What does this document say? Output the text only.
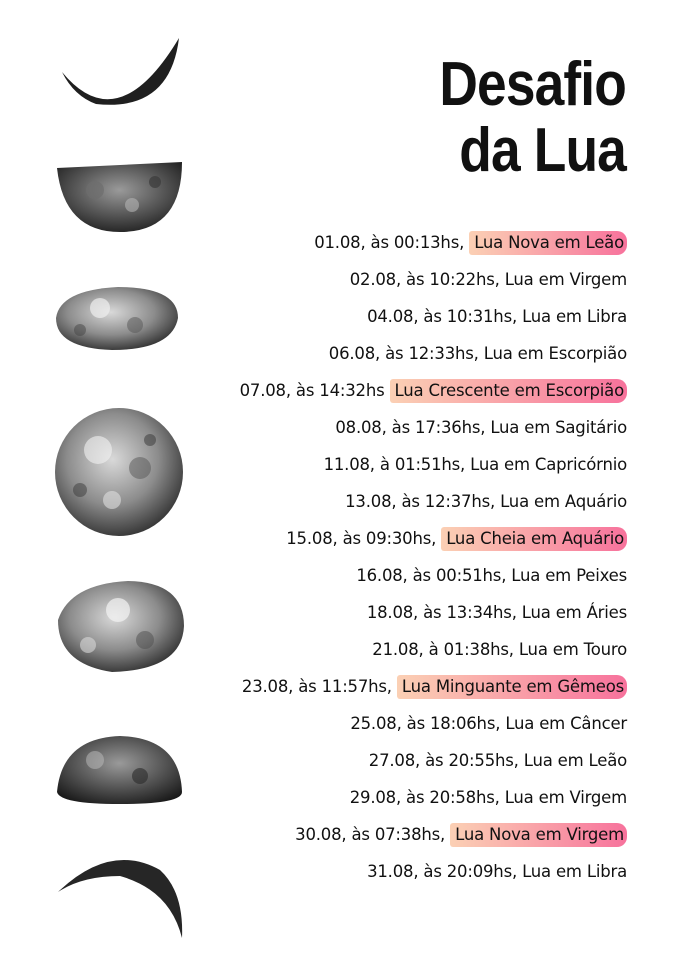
Desafio
da Lua
01.08, às 00:13hs, Lua Nova em Leão
02.08, às 10:22hs, Lua em Virgem
04.08, às 10:31hs, Lua em Libra
06.08, às 12:33hs, Lua em Escorpião
07.08, às 14:32hs Lua Crescente em Escorpião
08.08, às 17:36hs, Lua em Sagitário
11.08, à 01:51hs, Lua em Capricórnio
13.08, às 12:37hs, Lua em Aquário
15.08, às 09:30hs, Lua Cheia em Aquário
16.08, às 00:51hs, Lua em Peixes
18.08, às 13:34hs, Lua em Áries
21.08, à 01:38hs, Lua em Touro
23.08, às 11:57hs, Lua Minguante em Gêmeos
25.08, às 18:06hs, Lua em Câncer
27.08, às 20:55hs, Lua em Leão
29.08, às 20:58hs, Lua em Virgem
30.08, às 07:38hs, Lua Nova em Virgem
31.08, às 20:09hs, Lua em Libra
